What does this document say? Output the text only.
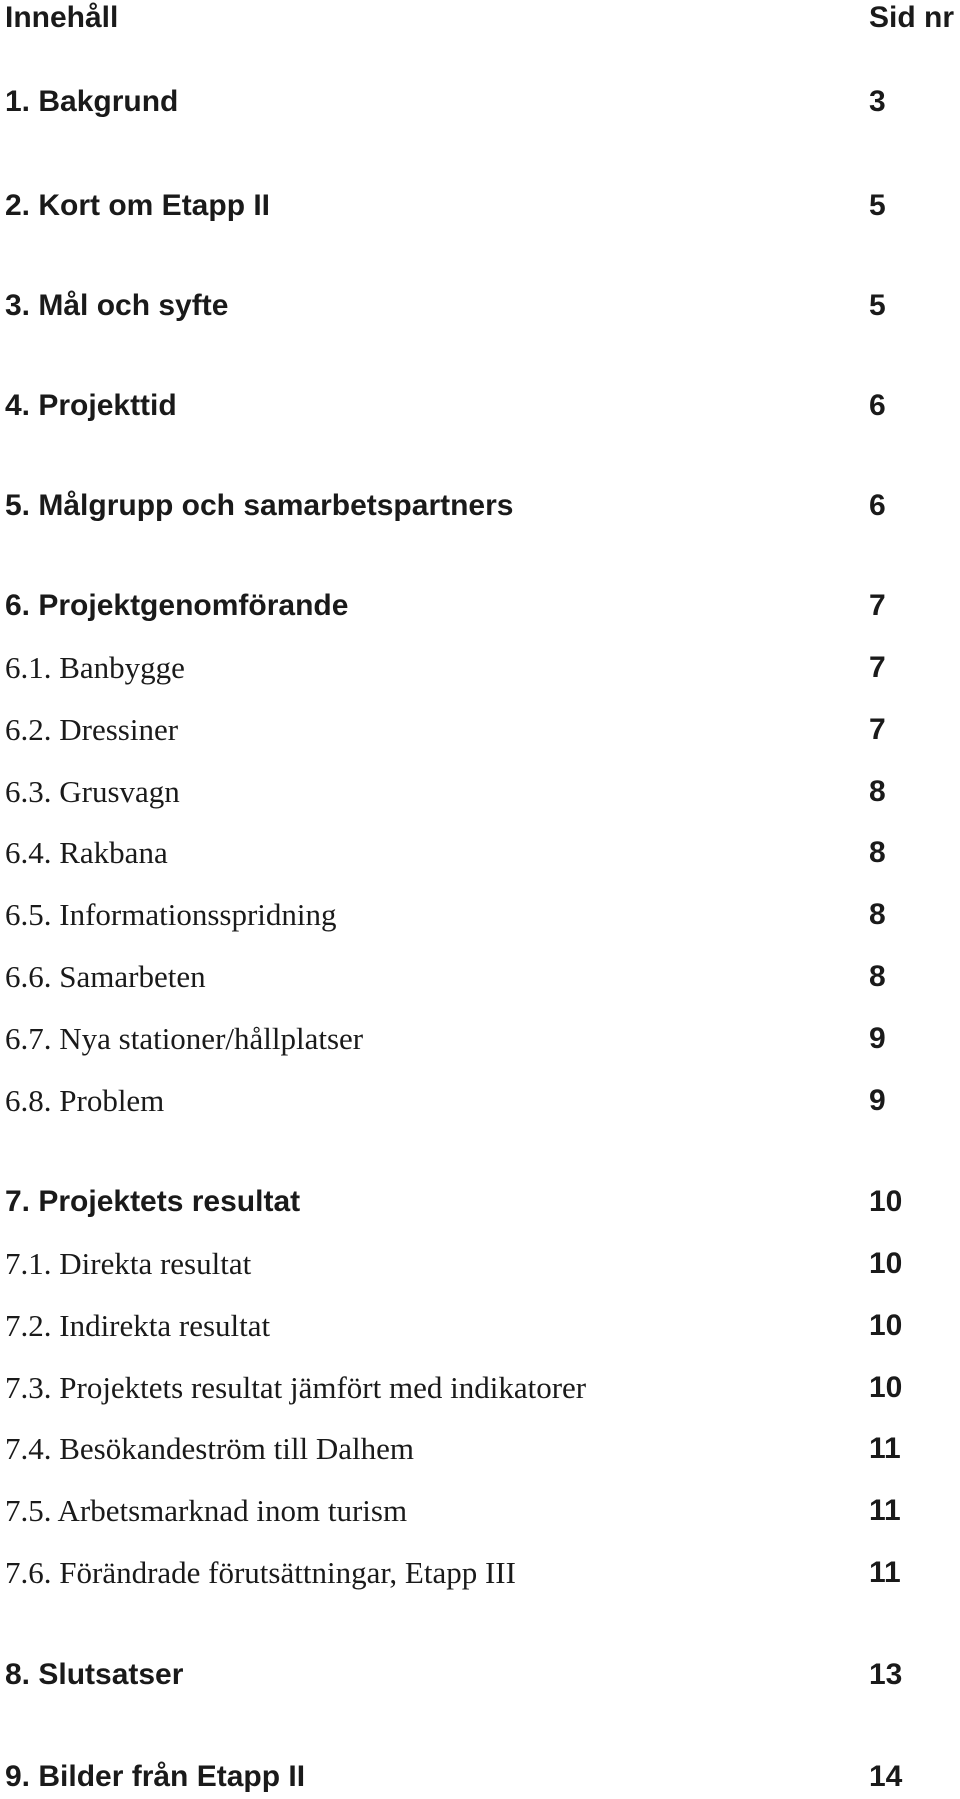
Innehåll	Sid nr
1. Bakgrund	3
2. Kort om Etapp II	5
3. Mål och syfte	5
4. Projekttid	6
5. Målgrupp och samarbetspartners	6
6. Projektgenomförande	7
6.1. Banbygge	7
6.2. Dressiner	7
6.3. Grusvagn	8
6.4. Rakbana	8
6.5. Informationsspridning	8
6.6. Samarbeten	8
6.7. Nya stationer/hållplatser	9
6.8. Problem	9
7. Projektets resultat	10
7.1. Direkta resultat	10
7.2. Indirekta resultat	10
7.3. Projektets resultat jämfört med indikatorer	10
7.4. Besökandeström till Dalhem	11
7.5. Arbetsmarknad inom turism	11
7.6. Förändrade förutsättningar, Etapp III	11
8. Slutsatser	13
9. Bilder från Etapp II	14
